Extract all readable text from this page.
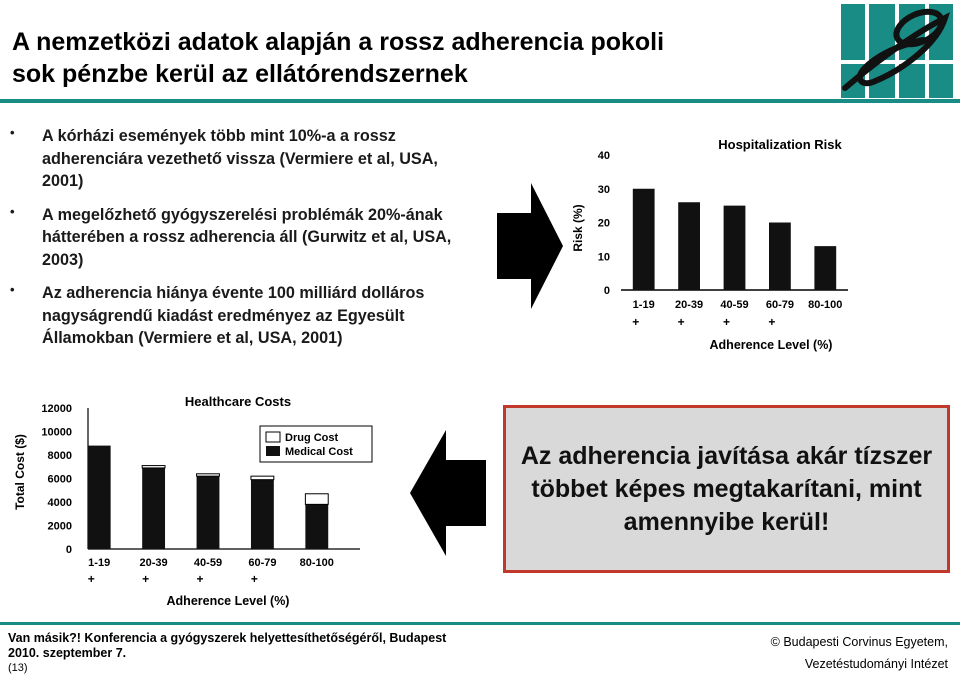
A nemzetközi adatok alapján a rossz adherencia pokoli
sok pénzbe kerül az ellátórendszernek
• A kórházi események több mint 10%-a a rossz adherenciára vezethető vissza (Vermiere et al, USA, 2001)
• A megelőzhető gyógyszerelési problémák 20%-ának hátterében a rossz adherencia áll (Gurwitz et al, USA, 2003)
• Az adherencia hiánya évente 100 milliárd dolláros nagyságrendű kiadást eredményez az Egyesült Államokban (Vermiere et al, USA, 2001)
Hospitalization Risk
Risk (%)
Adherence Level (%)
0
10
20
30
40
1-19
+
20-39
+
40-59
+
60-79
+
80-100
Healthcare Costs
Total Cost ($)
Adherence Level (%)
Drug Cost
Medical Cost
0
2000
4000
6000
8000
10000
12000
1-19
+
20-39
+
40-59
+
60-79
+
80-100
Az adherencia javítása akár tízszer többet képes megtakarítani, mint amennyibe kerül!
Van másik?! Konferencia a gyógyszerek helyettesíthetőségéről, Budapest
2010. szeptember 7.
(13)
© Budapesti Corvinus Egyetem,
Vezetéstudományi Intézet
